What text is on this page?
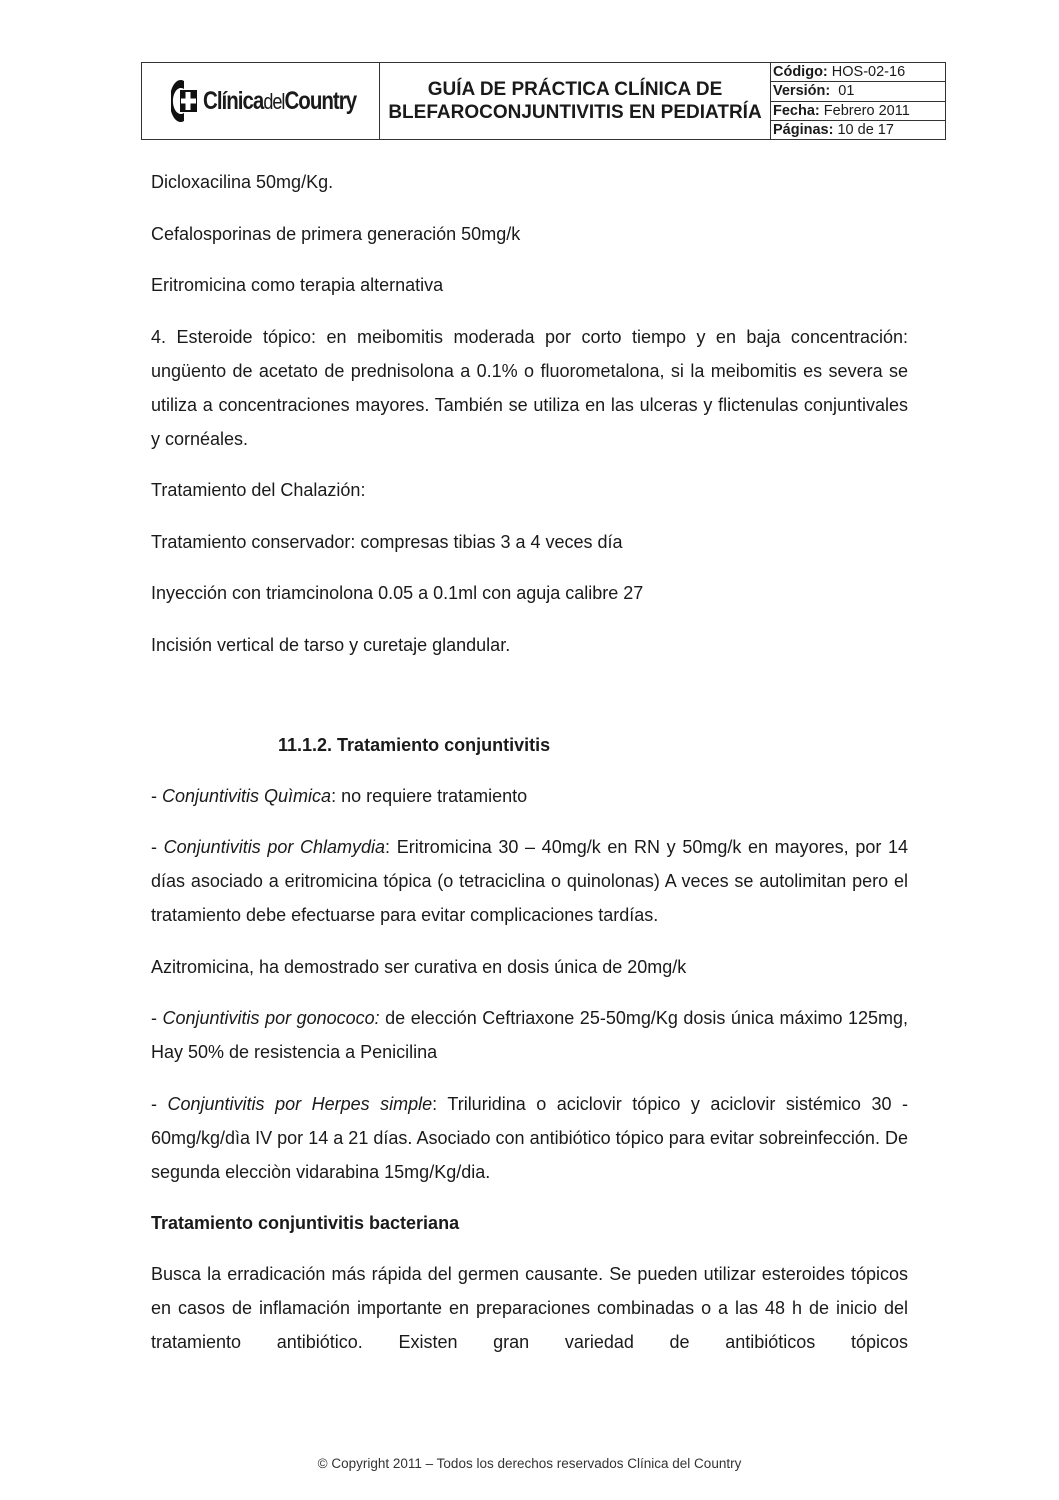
ClínicadelCountry	GUÍA DE PRÁCTICA CLÍNICA DE BLEFAROCONJUNTIVITIS EN PEDIATRÍA
Código: HOS-02-16
Versión: 01
Fecha: Febrero 2011
Páginas: 10 de 17

Dicloxacilina 50mg/Kg.

Cefalosporinas de primera generación 50mg/k

Eritromicina como terapia alternativa

4. Esteroide tópico: en meibomitis moderada por corto tiempo y en baja concentración: ungüento de acetato de prednisolona a 0.1% o fluorometalona, si la meibomitis es severa se utiliza a concentraciones mayores. También se utiliza en las ulceras y flictenulas conjuntivales y cornéales.

Tratamiento del Chalazión:

Tratamiento conservador: compresas tibias 3 a 4 veces día

Inyección con triamcinolona 0.05 a 0.1ml con aguja calibre 27

Incisión vertical de tarso y curetaje glandular.

11.1.2. Tratamiento conjuntivitis

- Conjuntivitis Quìmica: no requiere tratamiento

- Conjuntivitis por Chlamydia: Eritromicina 30 – 40mg/k en RN y 50mg/k en mayores, por 14 días asociado a eritromicina tópica (o tetraciclina o quinolonas) A veces se autolimitan pero el tratamiento debe efectuarse para evitar complicaciones tardías.

Azitromicina, ha demostrado ser curativa en dosis única de 20mg/k

- Conjuntivitis por gonococo: de elección Ceftriaxone 25-50mg/Kg dosis única máximo 125mg, Hay 50% de resistencia a Penicilina

- Conjuntivitis por Herpes simple: Triluridina o aciclovir tópico y aciclovir sistémico 30 - 60mg/kg/dìa IV por 14 a 21 días. Asociado con antibiótico tópico para evitar sobreinfección. De segunda elecciòn vidarabina 15mg/Kg/dia.

Tratamiento conjuntivitis bacteriana

Busca la erradicación más rápida del germen causante. Se pueden utilizar esteroides tópicos en casos de inflamación importante en preparaciones combinadas o a las 48 h de inicio del tratamiento antibiótico. Existen gran variedad de antibióticos tópicos

© Copyright 2011 – Todos los derechos reservados Clínica del Country
